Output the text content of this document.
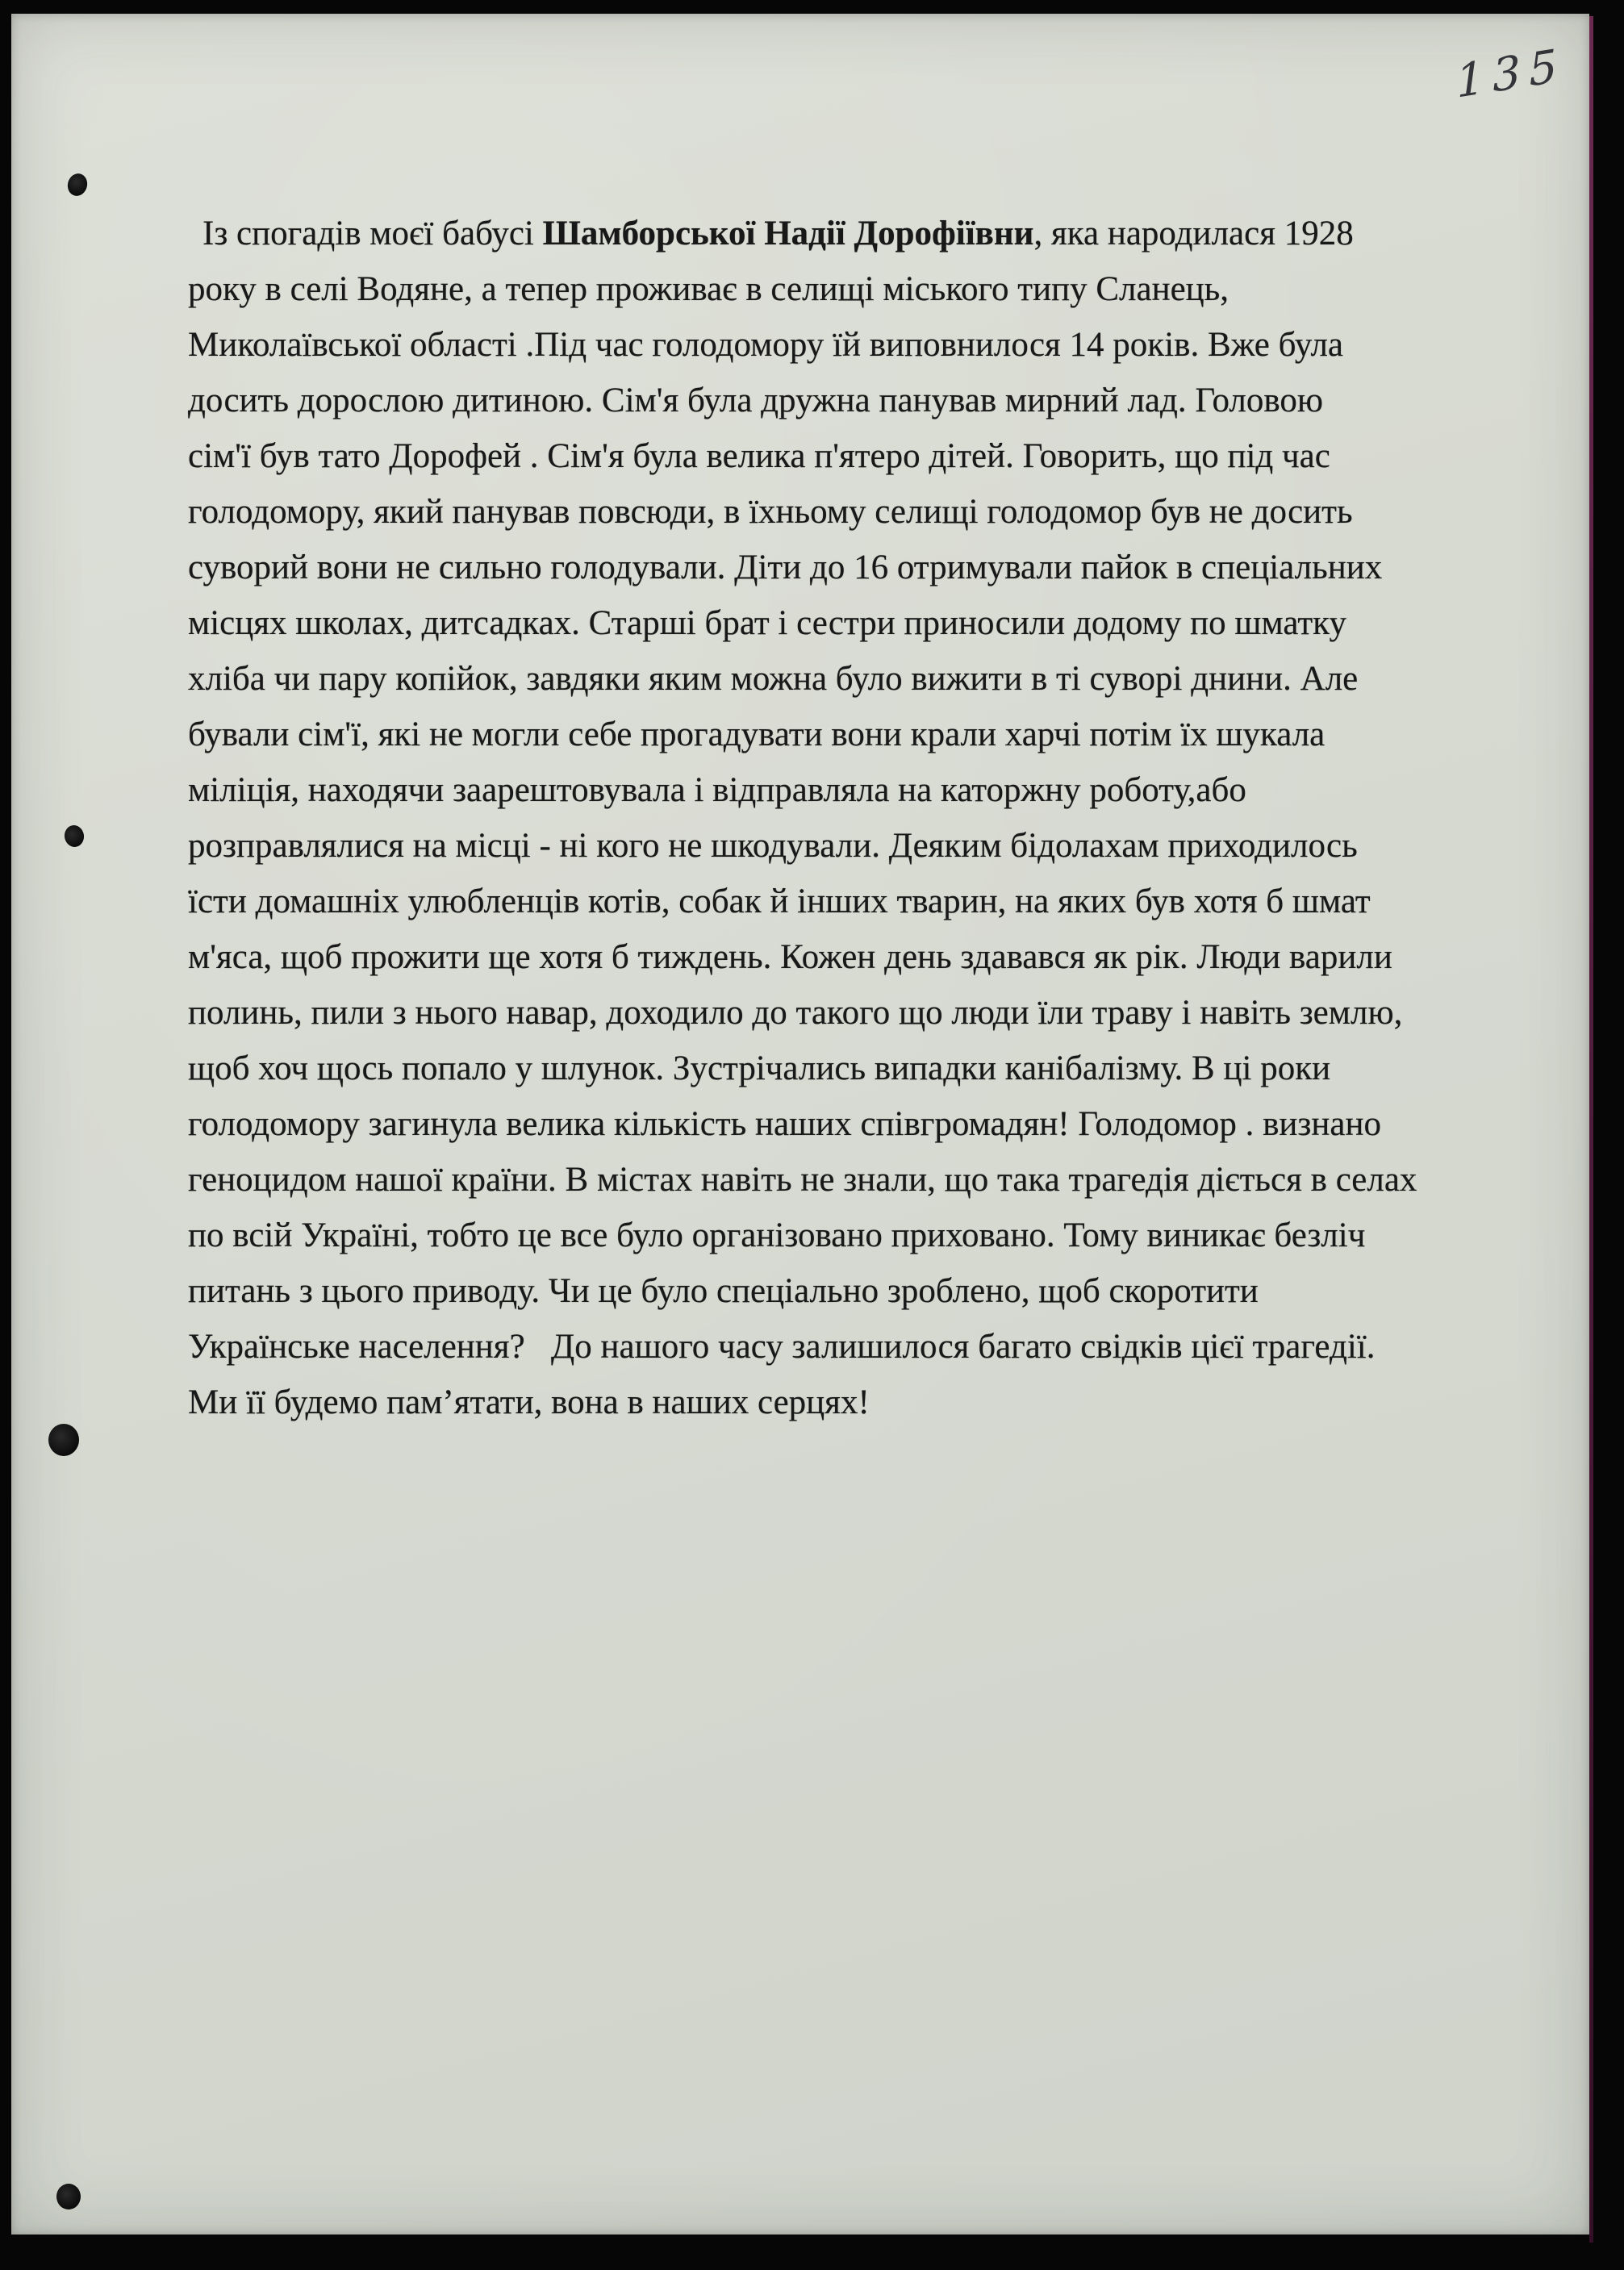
135
Із спогадів моєї бабусі Шамборської Надії Дорофіївни, яка народилася 1928
року в селі Водяне, а тепер проживає в селищі міського типу Сланець,
Миколаївської області .Під час голодомору їй виповнилося 14 років. Вже була
досить дорослою дитиною. Сім'я була дружна панував мирний лад. Головою
сім'ї був тато Дорофей . Сім'я була велика п'ятеро дітей. Говорить, що під час
голодомору, який панував повсюди, в їхньому селищі голодомор був не досить
суворий вони не сильно голодували. Діти до 16 отримували пайок в спеціальних
місцях школах, дитсадках. Старші брат і сестри приносили додому по шматку
хліба чи пару копійок, завдяки яким можна було вижити в ті суворі днини. Але
бували сім'ї, які не могли себе прогадувати вони крали харчі потім їх шукала
міліція, находячи заарештовувала і відправляла на каторжну роботу,або
розправлялися на місці - ні кого не шкодували. Деяким бідолахам приходилось
їсти домашніх улюбленців котів, собак й інших тварин, на яких був хотя б шмат
м'яса, щоб прожити ще хотя б тиждень. Кожен день здавався як рік. Люди варили
полинь, пили з нього навар, доходило до такого що люди їли траву і навіть землю,
щоб хоч щось попало у шлунок. Зустрічались випадки канібалізму. В ці роки
голодомору загинула велика кількість наших співгромадян! Голодомор . визнано
геноцидом нашої країни. В містах навіть не знали, що така трагедія діється в селах
по всій Україні, тобто це все було організовано приховано. Тому виникає безліч
питань з цього приводу. Чи це було спеціально зроблено, щоб скоротити
Українське населення?   До нашого часу залишилося багато свідків цієї трагедії.
Ми її будемо пам’ятати, вона в наших серцях!
